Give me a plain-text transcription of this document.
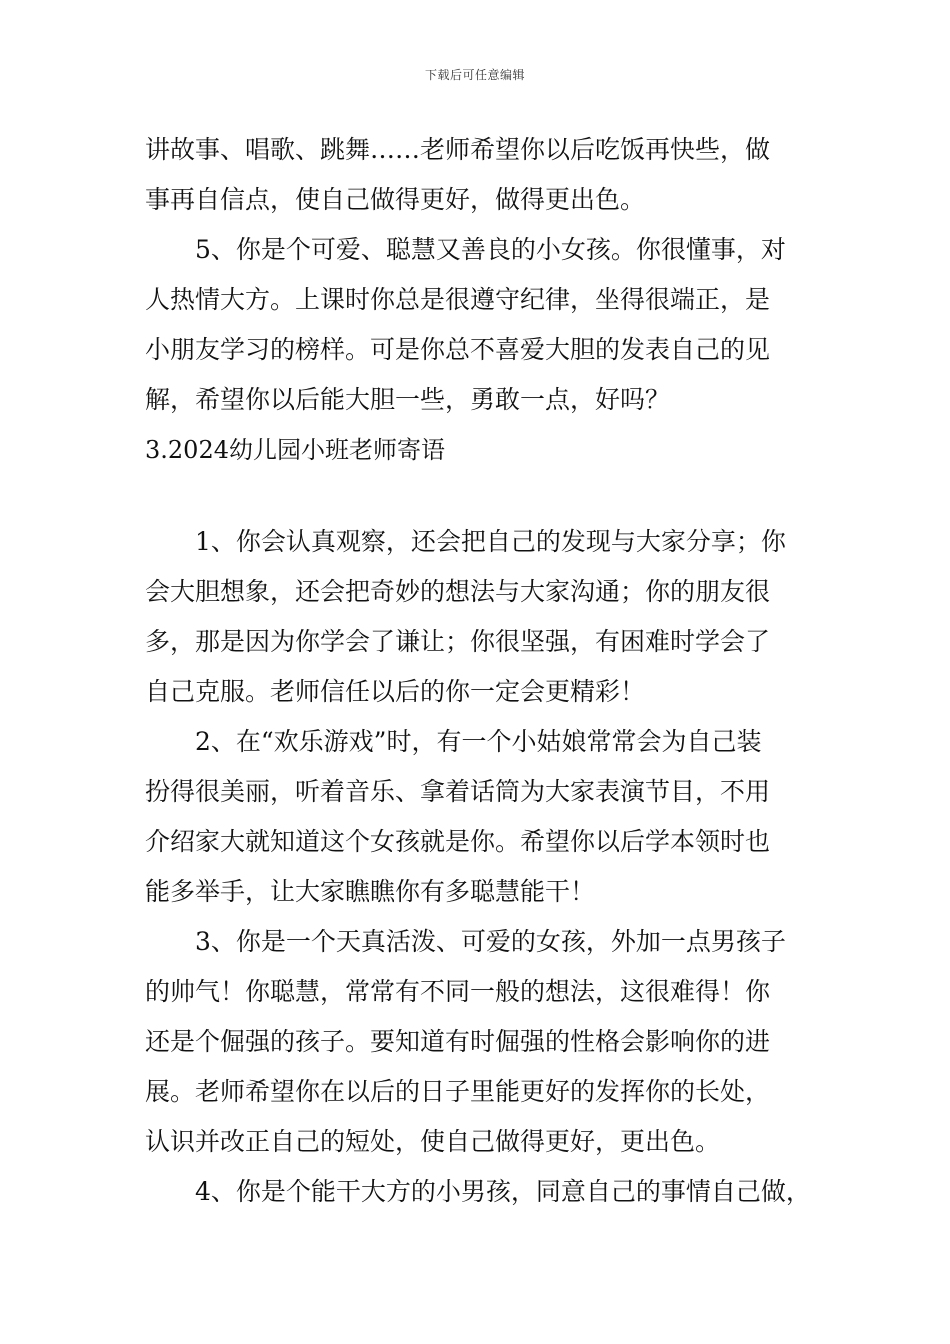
下载后可任意编辑
讲故事、唱歌、跳舞……老师希望你以后吃饭再快些，做
事再自信点，使自己做得更好，做得更出色。
5、你是个可爱、聪慧又善良的小女孩。你很懂事，对
人热情大方。上课时你总是很遵守纪律，坐得很端正，是
小朋友学习的榜样。可是你总不喜爱大胆的发表自己的见
解，希望你以后能大胆一些，勇敢一点，好吗？
3.2024幼儿园小班老师寄语
1、你会认真观察，还会把自己的发现与大家分享；你
会大胆想象，还会把奇妙的想法与大家沟通；你的朋友很
多，那是因为你学会了谦让；你很坚强，有困难时学会了
自己克服。老师信任以后的你一定会更精彩！
2、在“欢乐游戏”时，有一个小姑娘常常会为自己装
扮得很美丽，听着音乐、拿着话筒为大家表演节目，不用
介绍家大就知道这个女孩就是你。希望你以后学本领时也
能多举手，让大家瞧瞧你有多聪慧能干！
3、你是一个天真活泼、可爱的女孩，外加一点男孩子
的帅气！你聪慧，常常有不同一般的想法，这很难得！你
还是个倔强的孩子。要知道有时倔强的性格会影响你的进
展。老师希望你在以后的日子里能更好的发挥你的长处，
认识并改正自己的短处，使自己做得更好，更出色。
4、你是个能干大方的小男孩，同意自己的事情自己做，
